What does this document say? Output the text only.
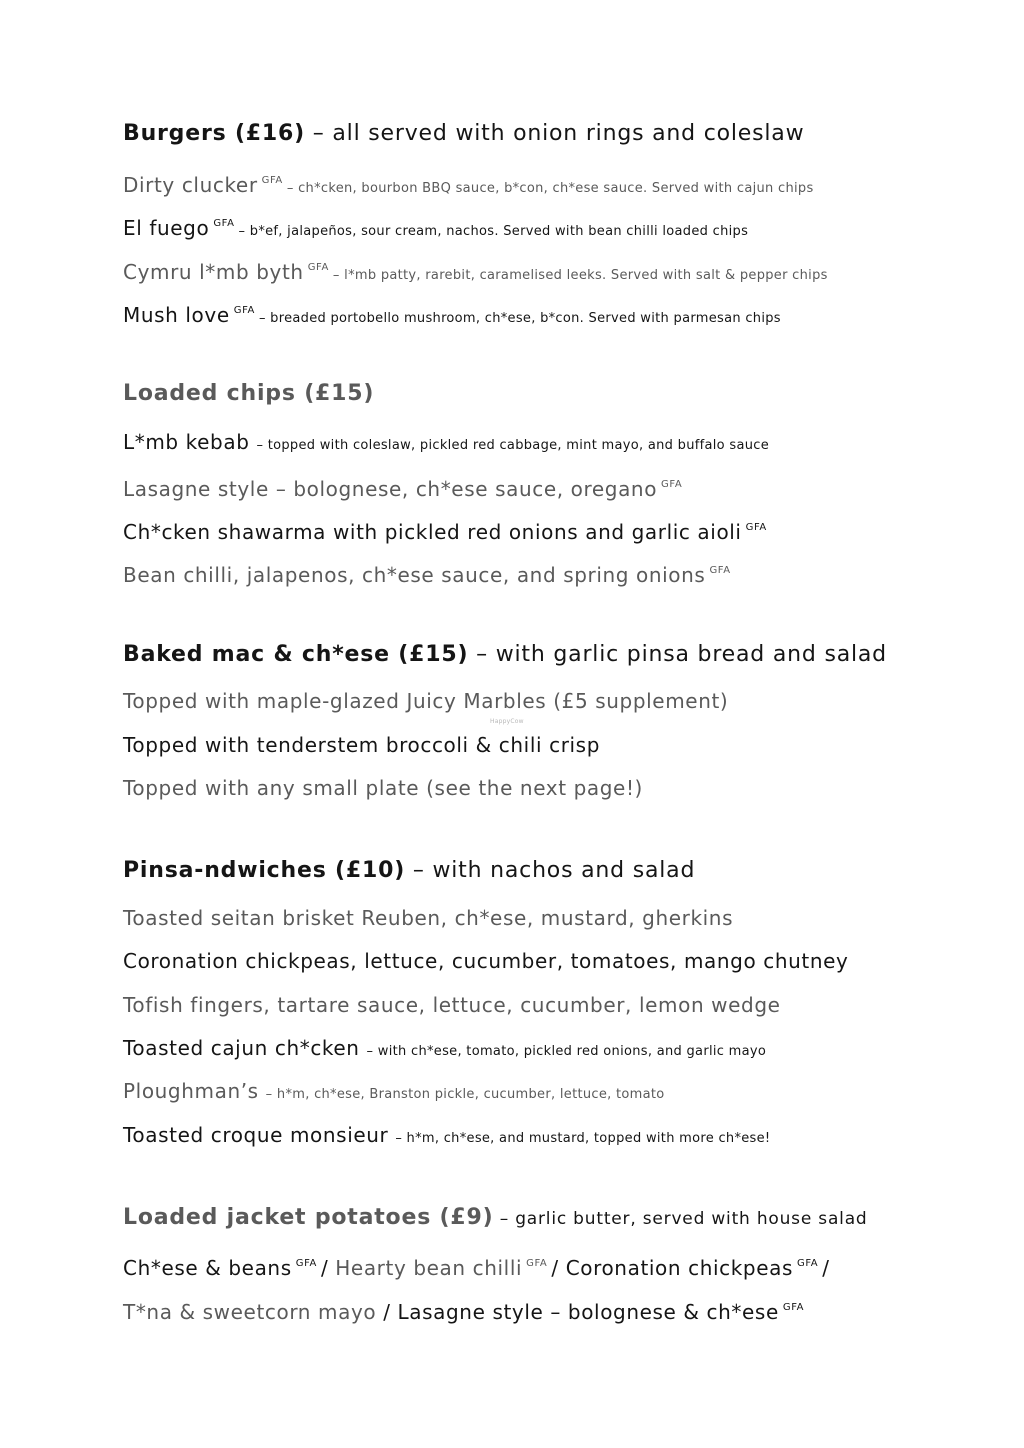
Burgers (£16) – all served with onion rings and coleslaw
Dirty clucker $^{GFA}$– ch*cken, bourbon BBQ sauce, b*con, ch*ese sauce. Served with cajun chips
El fuego $^{GFA}$– b*ef, jalapeños, sour cream, nachos. Served with bean chilli loaded chips
Cymru l*mb byth $^{GFA}$– l*mb patty, rarebit, caramelised leeks. Served with salt & pepper chips
Mush love $^{GFA}$– breaded portobello mushroom, ch*ese, b*con. Served with parmesan chips
Loaded chips (£15)
L*mb kebab – topped with coleslaw, pickled red cabbage, mint mayo, and buffalo sauce
Lasagne style – bolognese, ch*ese sauce, oregano $^{GFA}$
Ch*cken shawarma with pickled red onions and garlic aioli $^{GFA}$
Bean chilli, jalapenos, ch*ese sauce, and spring onions $^{GFA}$
Baked mac & ch*ese (£15) – with garlic pinsa bread and salad
Topped with maple-glazed Juicy Marbles (£5 supplement)
HappyCow
Topped with tenderstem broccoli & chili crisp
Topped with any small plate (see the next page!)
Pinsa-ndwiches (£10) – with nachos and salad
Toasted seitan brisket Reuben, ch*ese, mustard, gherkins
Coronation chickpeas, lettuce, cucumber, tomatoes, mango chutney
Tofish fingers, tartare sauce, lettuce, cucumber, lemon wedge
Toasted cajun ch*cken – with ch*ese, tomato, pickled red onions, and garlic mayo
Ploughman’s – h*m, ch*ese, Branston pickle, cucumber, lettuce, tomato
Toasted croque monsieur – h*m, ch*ese, and mustard, topped with more ch*ese!
Loaded jacket potatoes (£9) – garlic butter, served with house salad
Ch*ese & beans $^{GFA}$ / Hearty bean chilli $^{GFA}$ / Coronation chickpeas $^{GFA}$ /
T*na & sweetcorn mayo / Lasagne style – bolognese & ch*ese $^{GFA}$
